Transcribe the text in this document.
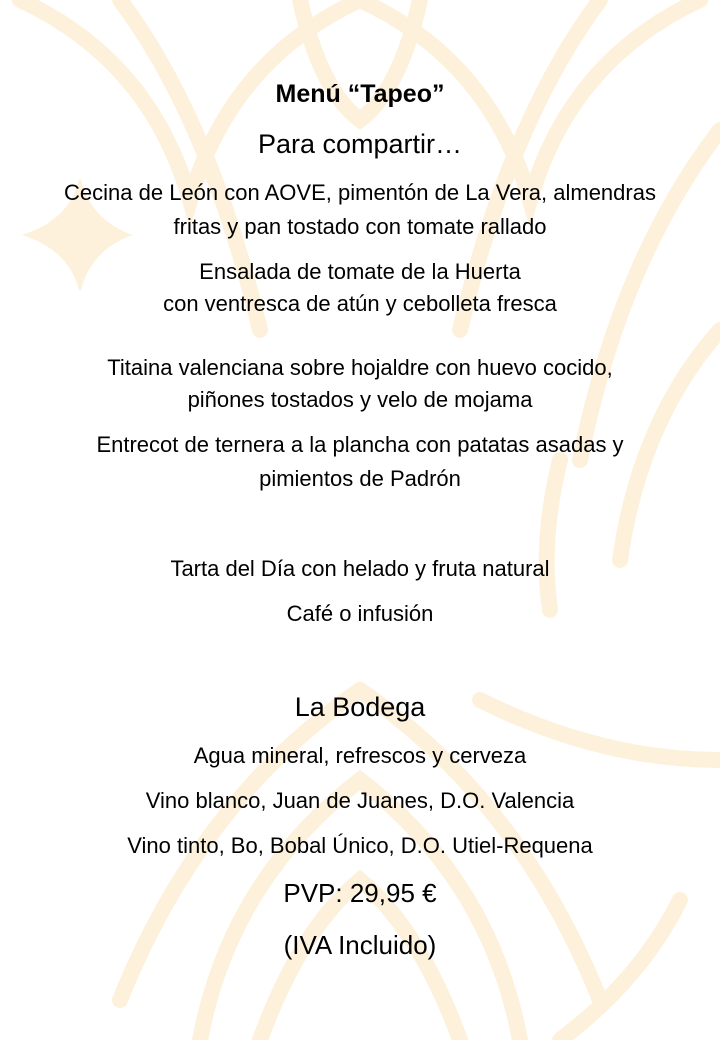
Menú “Tapeo”
Para compartir…
Cecina de León con AOVE, pimentón de La Vera, almendras
fritas y pan tostado con tomate rallado
Ensalada de tomate de la Huerta
con ventresca de atún y cebolleta fresca
Titaina valenciana sobre hojaldre con huevo cocido,
piñones tostados y velo de mojama
Entrecot de ternera a la plancha con patatas asadas y
pimientos de Padrón
Tarta del Día con helado y fruta natural
Café o infusión
La Bodega
Agua mineral, refrescos y cerveza
Vino blanco, Juan de Juanes, D.O. Valencia
Vino tinto, Bo, Bobal Único, D.O. Utiel-Requena
PVP: 29,95 €
(IVA Incluido)
